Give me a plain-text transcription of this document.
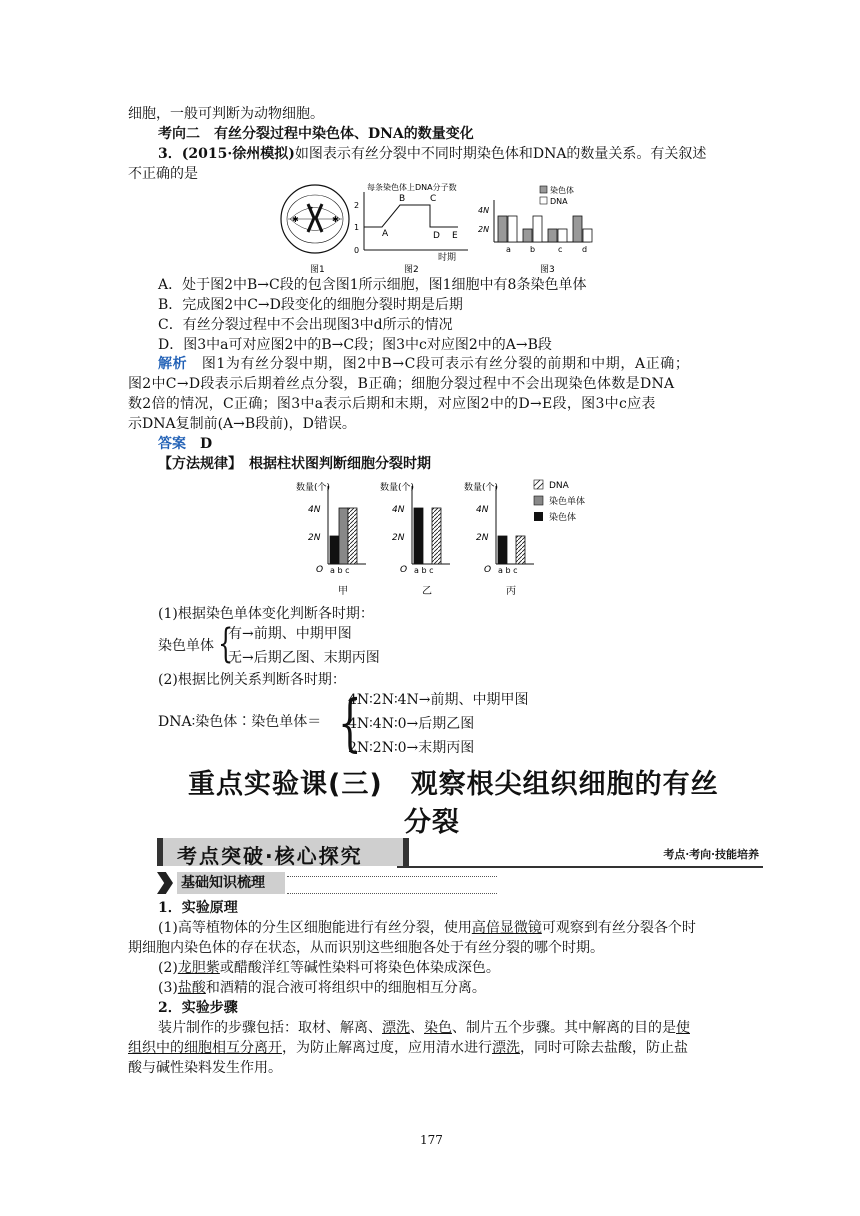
细胞，一般可判断为动物细胞。
考向二　有丝分裂过程中染色体、DNA的数量变化
3．(2015·徐州模拟)如图表示有丝分裂中不同时期染色体和DNA的数量关系。有关叙述
不正确的是
•
✱	✱
每条染色体上DNA分子数
2
1
0
A
B	C
D E
时期
染色体
DNA
4N
2N
a b	c d
图1	图2	图3
A．处于图2中B→C段的包含图1所示细胞，图1细胞中有8条染色单体
B．完成图2中C→D段变化的细胞分裂时期是后期
C．有丝分裂过程中不会出现图3中d所示的情况
D．图3中a可对应图2中的B→C段；图3中c对应图2中的A→B段
解析　 图1为有丝分裂中期，图2中B→C段可表示有丝分裂的前期和中期，A正确；
图2中C→D段表示后期着丝点分裂，B正确；细胞分裂过程中不会出现染色体数是DNA
数2倍的情况，C正确；图3中a表示后期和末期，对应图2中的D→E段，图3中c应表
示DNA复制前(A→B段前)，D错误。
答案　 D
【方法规律】　根据柱状图判断细胞分裂时期
DNA
染色单体
染色体
数量(个)
4N
2N
O a b c
甲
数量(个)
4N
2N
O a b c
乙
数量(个)
4N
2N
O a b c
丙
(1)根据染色单体变化判断各时期：
染色单体 {
有→前期、中期甲图
无→后期乙图、末期丙图
(2)根据比例关系判断各时期：
DNA∶染色体∶染色单体＝ {
4N∶2N∶4N→前期、中期甲图
4N∶4N∶0→后期乙图
2N∶2N∶0→末期丙图
重点实验课(三)　观察根尖组织细胞的有丝
分裂
考点突破·核心探究	考点·考向·技能培养
基础知识梳理
1．实验原理
(1)高等植物体的分生区细胞能进行有丝分裂，使用高倍显微镜可观察到有丝分裂各个时
期细胞内染色体的存在状态，从而识别这些细胞各处于有丝分裂的哪个时期。
(2)龙胆紫或醋酸洋红等碱性染料可将染色体染成深色。
(3)盐酸和酒精的混合液可将组织中的细胞相互分离。
2．实验步骤
装片制作的步骤包括：取材、解离、漂洗、染色、制片五个步骤。其中解离的目的是使
组织中的细胞相互分离开，为防止解离过度，应用清水进行漂洗，同时可除去盐酸，防止盐
酸与碱性染料发生作用。
177
